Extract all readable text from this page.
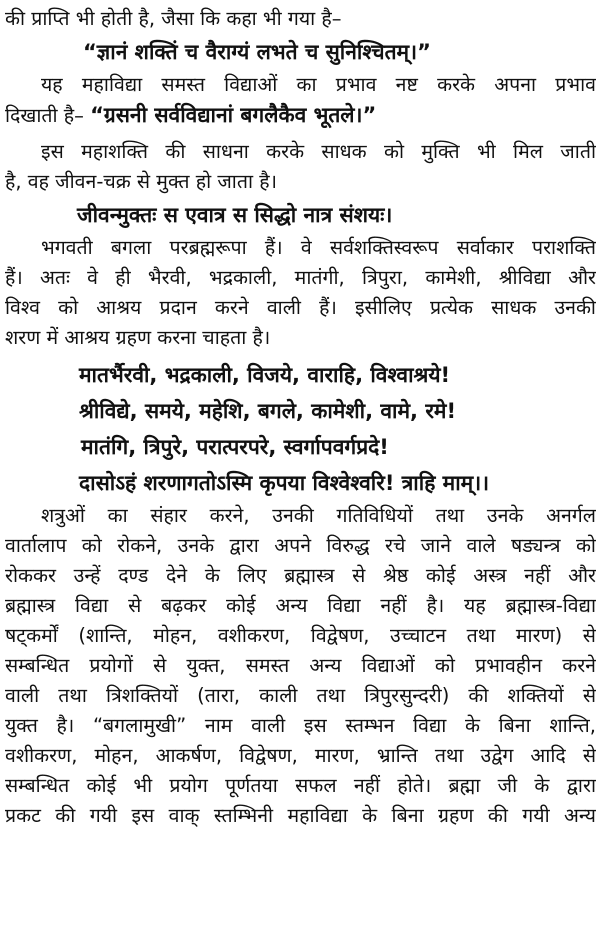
की प्राप्ति भी होती है, जैसा कि कहा भी गया है–
“ज्ञानं शक्तिं च वैराग्यं लभते च सुनिश्चितम्।”
यह महाविद्या समस्त विद्याओं का प्रभाव नष्ट करके अपना प्रभाव
दिखाती है– “ग्रसनी सर्वविद्यानां बगलैकैव भूतले।”
इस महाशक्ति की साधना करके साधक को मुक्ति भी मिल जाती
है, वह जीवन-चक्र से मुक्त हो जाता है।
जीवन्मुक्तः स एवात्र स सिद्धो नात्र संशयः।
भगवती बगला परब्रह्मरूपा हैं। वे सर्वशक्तिस्वरूप सर्वाकार पराशक्ति
हैं। अतः वे ही भैरवी, भद्रकाली, मातंगी, त्रिपुरा, कामेशी, श्रीविद्या और
विश्व को आश्रय प्रदान करने वाली हैं। इसीलिए प्रत्येक साधक उनकी
शरण में आश्रय ग्रहण करना चाहता है।
मातर्भैरवी, भद्रकाली, विजये, वाराहि, विश्वाश्रये!
श्रीविद्ये, समये, महेशि, बगले, कामेशी, वामे, रमे!
मातंगि, त्रिपुरे, परात्परपरे, स्वर्गापवर्गप्रदे!
दासोऽहं शरणागतोऽस्मि कृपया विश्वेश्वरि! त्राहि माम्।।
शत्रुओं का संहार करने, उनकी गतिविधियों तथा उनके अनर्गल
वार्तालाप को रोकने, उनके द्वारा अपने विरुद्ध रचे जाने वाले षड्यन्त्र को
रोककर उन्हें दण्ड देने के लिए ब्रह्मास्त्र से श्रेष्ठ कोई अस्त्र नहीं और
ब्रह्मास्त्र विद्या से बढ़कर कोई अन्य विद्या नहीं है। यह ब्रह्मास्त्र-विद्या
षट्कर्मों (शान्ति, मोहन, वशीकरण, विद्वेषण, उच्चाटन तथा मारण) से
सम्बन्धित प्रयोगों से युक्त, समस्त अन्य विद्याओं को प्रभावहीन करने
वाली तथा त्रिशक्तियों (तारा, काली तथा त्रिपुरसुन्दरी) की शक्तियों से
युक्त है। “बगलामुखी” नाम वाली इस स्तम्भन विद्या के बिना शान्ति,
वशीकरण, मोहन, आकर्षण, विद्वेषण, मारण, भ्रान्ति तथा उद्वेग आदि से
सम्बन्धित कोई भी प्रयोग पूर्णतया सफल नहीं होते। ब्रह्मा जी के द्वारा
प्रकट की गयी इस वाक् स्तम्भिनी महाविद्या के बिना ग्रहण की गयी अन्य
